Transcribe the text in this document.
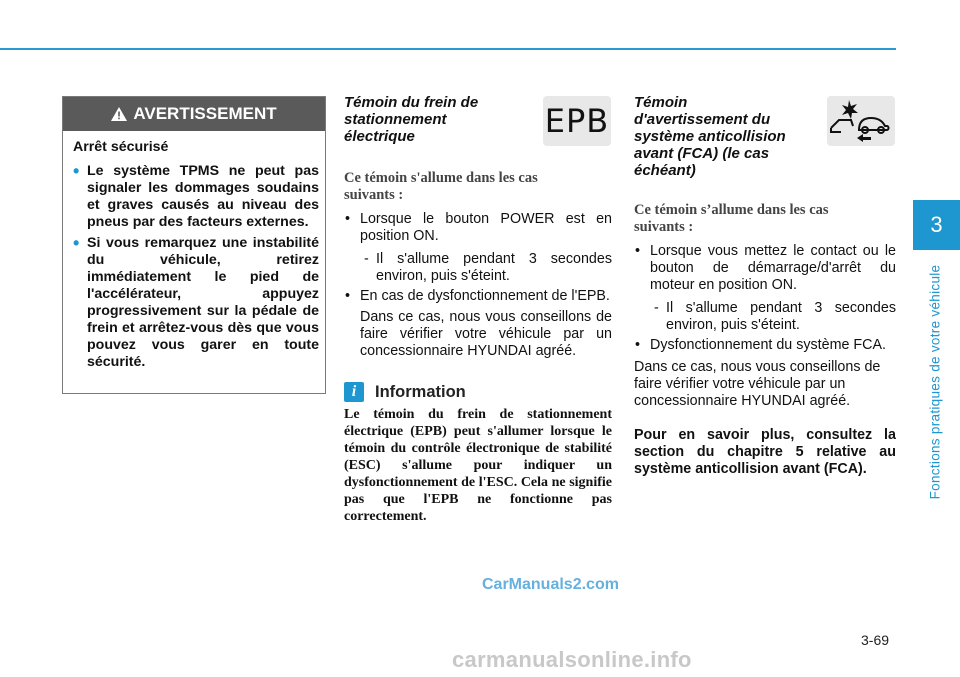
3
Fonctions pratiques de votre véhicule
AVERTISSEMENT

Arrêt sécurisé

• Le système TPMS ne peut pas signaler les dommages soudains et graves causés au niveau des pneus par des facteurs externes.
• Si vous remarquez une instabilité du véhicule, retirez immédiatement le pied de l'accélérateur, appuyez progressivement sur la pédale de frein et arrêtez-vous dès que vous pouvez vous garer en toute sécurité.
EPB
Témoin du frein de stationnement électrique
Ce témoin s'allume dans les cas suivants :
• Lorsque le bouton POWER est en position ON.
- Il s'allume pendant 3 secondes environ, puis s'éteint.
• En cas de dysfonctionnement de l'EPB.
Dans ce cas, nous vous conseillons de faire vérifier votre véhicule par un concessionnaire HYUNDAI agréé.
i	Information
Le témoin du frein de stationnement électrique (EPB) peut s'allumer lorsque le témoin du contrôle électronique de stabilité (ESC) s'allume pour indiquer un dysfonctionnement de l'ESC. Cela ne signifie pas que l'EPB ne fonctionne pas correctement.
Témoin d'avertissement du système anticollision avant (FCA) (le cas échéant)
Ce témoin s’allume dans les cas suivants :
• Lorsque vous mettez le contact ou le bouton de démarrage/d'arrêt du moteur en position ON.
- Il s'allume pendant 3 secondes environ, puis s'éteint.
• Dysfonctionnement du système FCA.
Dans ce cas, nous vous conseillons de faire vérifier votre véhicule par un concessionnaire HYUNDAI agréé.
Pour en savoir plus, consultez la section du chapitre 5 relative au système anticollision avant (FCA).
CarManuals2.com
3-69
carmanualsonline.info
